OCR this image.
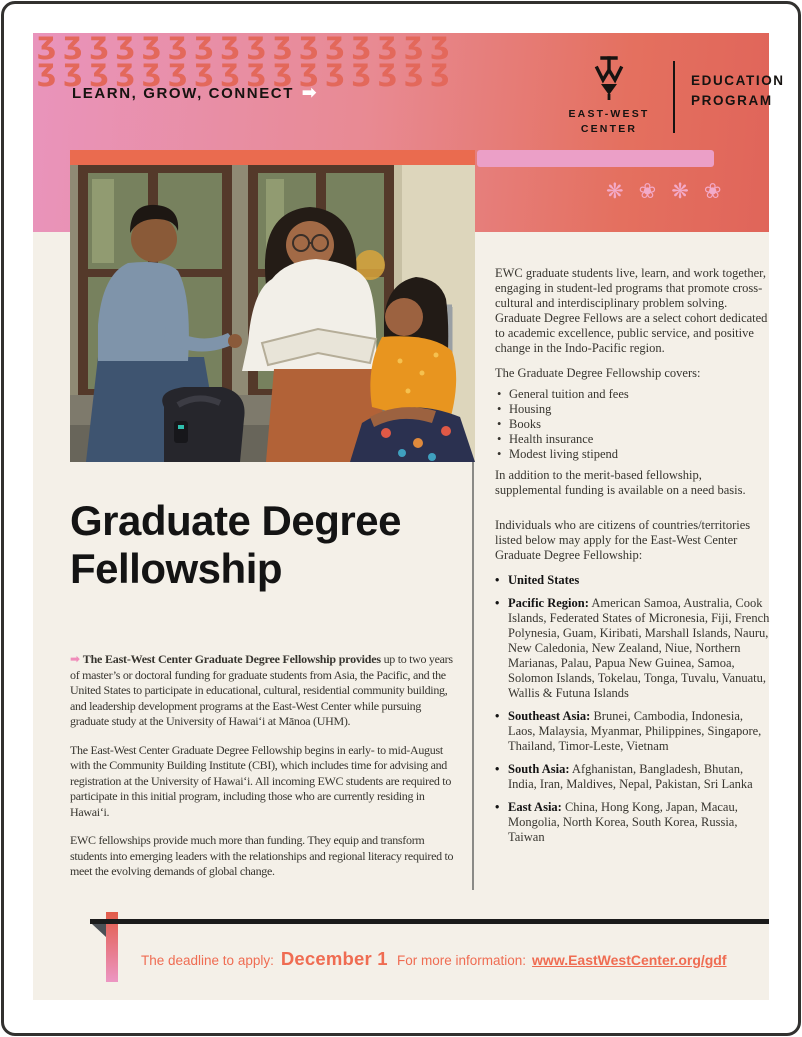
ʒʒʒʒʒʒʒʒʒʒʒʒʒʒʒʒ
ʒʒʒʒʒʒʒʒʒʒʒʒʒʒʒʒ
LEARN, GROW, CONNECT ➡
EAST-WEST
CENTER
EDUCATION
PROGRAM
❋ ❀ ❋ ❀
Graduate Degree
Fellowship

➡ The East-West Center Graduate Degree Fellowship provides up to two years of master’s or doctoral funding for graduate students from Asia, the Pacific, and the United States to participate in educational, cultural, residential community building, and leadership development programs at the East-West Center while pursuing graduate study at the University of Hawaiʻi at Mānoa (UHM).

The East-West Center Graduate Degree Fellowship begins in early- to mid-August with the Community Building Institute (CBI), which includes time for advising and registration at the University of Hawaiʻi. All incoming EWC students are required to participate in this initial program, including those who are currently residing in Hawaiʻi.

EWC fellowships provide much more than funding. They equip and transform students into emerging leaders with the relationships and regional literacy required to meet the evolving demands of global change.

EWC graduate students live, learn, and work together, engaging in student-led programs that promote cross-cultural and interdisciplinary problem solving. Graduate Degree Fellows are a select cohort dedicated to academic excellence, public service, and positive change in the Indo-Pacific region.

The Graduate Degree Fellowship covers:

• General tuition and fees
• Housing
• Books
• Health insurance
• Modest living stipend

In addition to the merit-based fellowship, supplemental funding is available on a need basis.

Individuals who are citizens of countries/territories listed below may apply for the East-West Center Graduate Degree Fellowship:

• United States
• Pacific Region: American Samoa, Australia, Cook Islands, Federated States of Micronesia, Fiji, French Polynesia, Guam, Kiribati, Marshall Islands, Nauru, New Caledonia, New Zealand, Niue, Northern Marianas, Palau, Papua New Guinea, Samoa, Solomon Islands, Tokelau, Tonga, Tuvalu, Vanuatu, Wallis & Futuna Islands
• Southeast Asia: Brunei, Cambodia, Indonesia, Laos, Malaysia, Myanmar, Philippines, Singapore, Thailand, Timor-Leste, Vietnam
• South Asia: Afghanistan, Bangladesh, Bhutan, India, Iran, Maldives, Nepal, Pakistan, Sri Lanka
• East Asia: China, Hong Kong, Japan, Macau, Mongolia, North Korea, South Korea, Russia, Taiwan
The deadline to apply: December 1 For more information: www.EastWestCenter.org/gdf
